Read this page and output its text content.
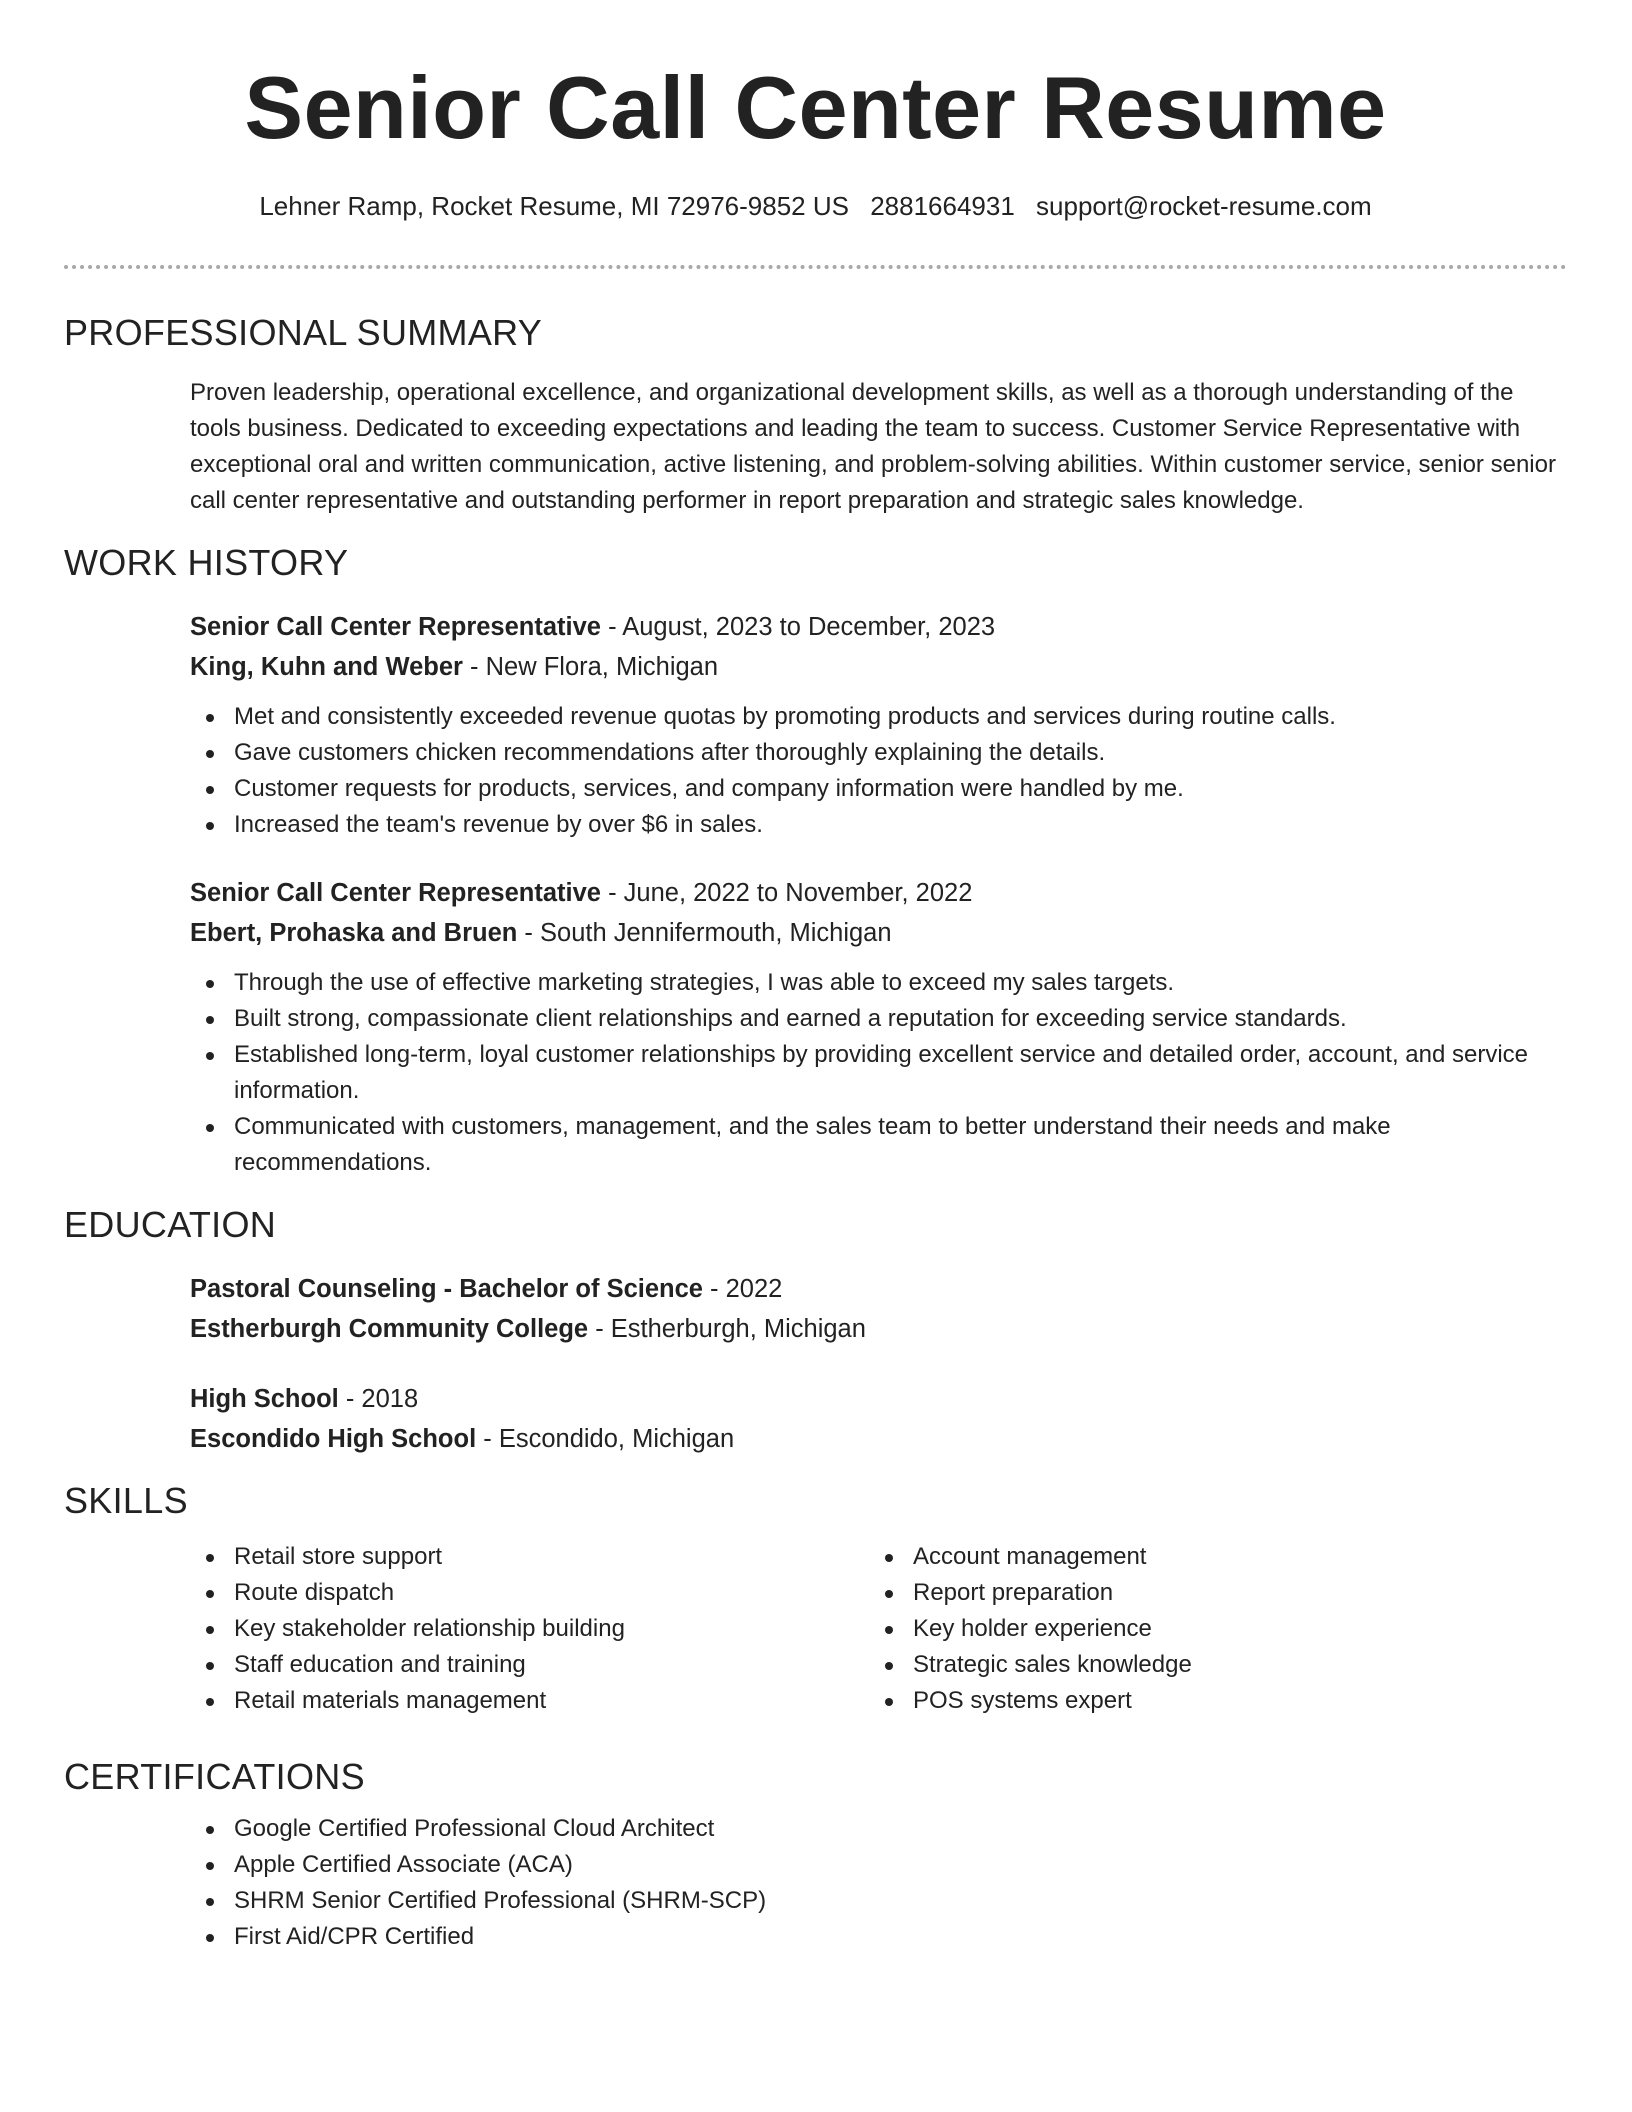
Senior Call Center Resume
Lehner Ramp, Rocket Resume, MI 72976-9852 US 2881664931 support@rocket-resume.com
PROFESSIONAL SUMMARY

Proven leadership, operational excellence, and organizational development skills, as well as a thorough understanding of the tools business. Dedicated to exceeding expectations and leading the team to success. Customer Service Representative with exceptional oral and written communication, active listening, and problem-solving abilities. Within customer service, senior senior call center representative and outstanding performer in report preparation and strategic sales knowledge.

WORK HISTORY
Senior Call Center Representative - August, 2023 to December, 2023
King, Kuhn and Weber - New Flora, Michigan
Met and consistently exceeded revenue quotas by promoting products and services during routine calls.
Gave customers chicken recommendations after thoroughly explaining the details.
Customer requests for products, services, and company information were handled by me.
Increased the team's revenue by over $6 in sales.
Senior Call Center Representative - June, 2022 to November, 2022
Ebert, Prohaska and Bruen - South Jennifermouth, Michigan
Through the use of effective marketing strategies, I was able to exceed my sales targets.
Built strong, compassionate client relationships and earned a reputation for exceeding service standards.
Established long-term, loyal customer relationships by providing excellent service and detailed order, account, and service information.
Communicated with customers, management, and the sales team to better understand their needs and make recommendations.
EDUCATION
Pastoral Counseling - Bachelor of Science - 2022
Estherburgh Community College - Estherburgh, Michigan
High School - 2018
Escondido High School - Escondido, Michigan
SKILLS
Retail store support
Route dispatch
Key stakeholder relationship building
Staff education and training
Retail materials management
Account management
Report preparation
Key holder experience
Strategic sales knowledge
POS systems expert
CERTIFICATIONS
Google Certified Professional Cloud Architect
Apple Certified Associate (ACA)
SHRM Senior Certified Professional (SHRM-SCP)
First Aid/CPR Certified
